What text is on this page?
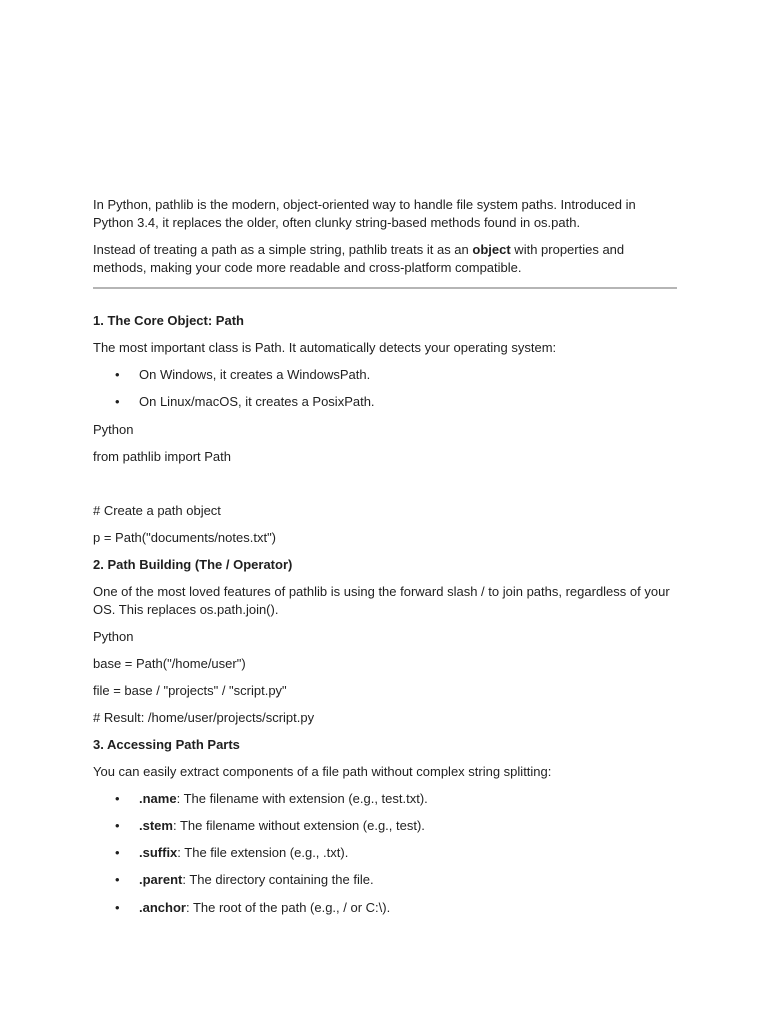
In Python, pathlib is the modern, object-oriented way to handle file system paths. Introduced in Python 3.4, it replaces the older, often clunky string-based methods found in os.path.

Instead of treating a path as a simple string, pathlib treats it as an object with properties and methods, making your code more readable and cross-platform compatible.

1. The Core Object: Path

The most important class is Path. It automatically detects your operating system:

• On Windows, it creates a WindowsPath.
• On Linux/macOS, it creates a PosixPath.

Python

from pathlib import Path

# Create a path object

p = Path("documents/notes.txt")

2. Path Building (The / Operator)

One of the most loved features of pathlib is using the forward slash / to join paths, regardless of your OS. This replaces os.path.join().

Python

base = Path("/home/user")

file = base / "projects" / "script.py"

# Result: /home/user/projects/script.py

3. Accessing Path Parts

You can easily extract components of a file path without complex string splitting:

• .name: The filename with extension (e.g., test.txt).
• .stem: The filename without extension (e.g., test).
• .suffix: The file extension (e.g., .txt).
• .parent: The directory containing the file.
• .anchor: The root of the path (e.g., / or C:\).
